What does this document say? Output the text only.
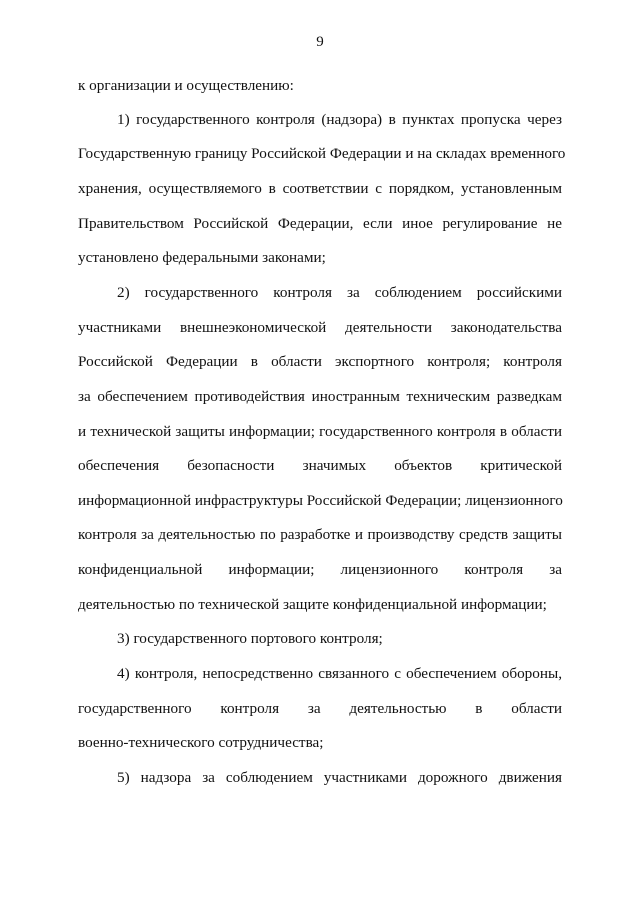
9
к организации и осуществлению:
1) государственного контроля (надзора) в пунктах пропуска через
Государственную границу Российской Федерации и на складах временного
хранения, осуществляемого в соответствии с порядком, установленным
Правительством Российской Федерации, если иное регулирование не
установлено федеральными законами;
2) государственного контроля за соблюдением российскими
участниками внешнеэкономической деятельности законодательства
Российской Федерации в области экспортного контроля; контроля
за обеспечением противодействия иностранным техническим разведкам
и технической защиты информации; государственного контроля в области
обеспечения безопасности значимых объектов критической
информационной инфраструктуры Российской Федерации; лицензионного
контроля за деятельностью по разработке и производству средств защиты
конфиденциальной информации; лицензионного контроля за
деятельностью по технической защите конфиденциальной информации;
3) государственного портового контроля;
4) контроля, непосредственно связанного с обеспечением обороны,
государственного контроля за деятельностью в области
военно-технического сотрудничества;
5) надзора за соблюдением участниками дорожного движения
